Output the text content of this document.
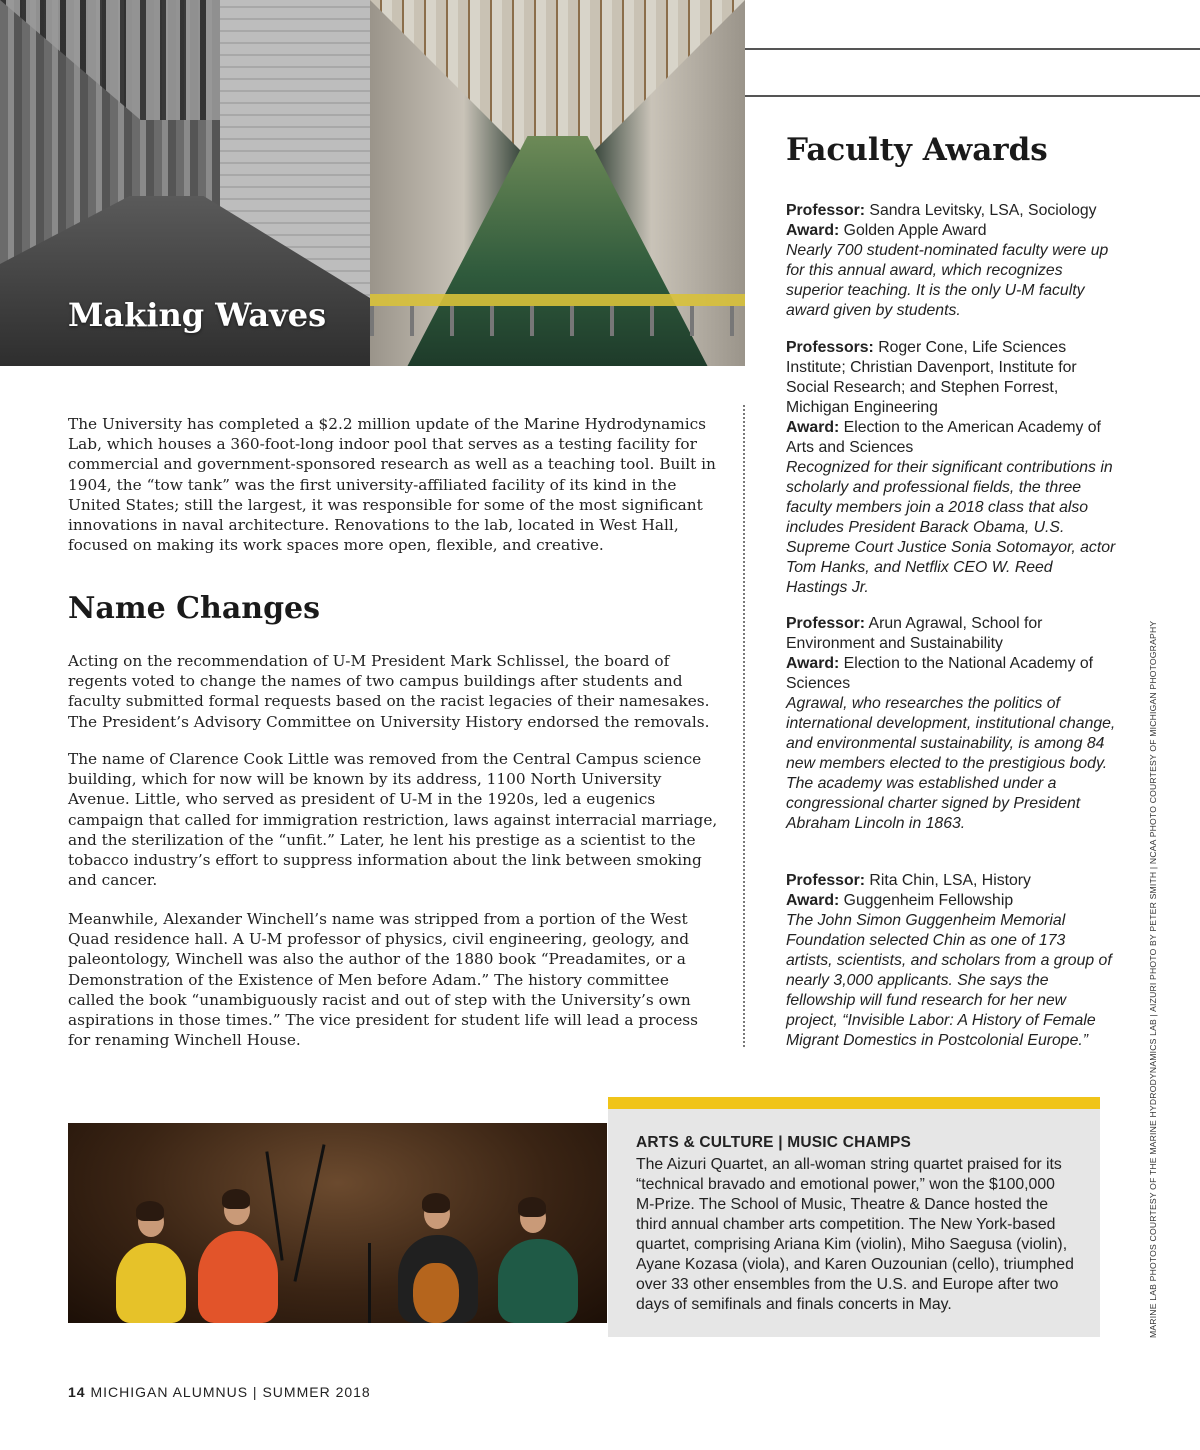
Making Waves

The University has completed a $2.2 million update of the Marine Hydrodynamics Lab, which houses a 360-foot-long indoor pool that serves as a testing facility for commercial and government-sponsored research as well as a teaching tool. Built in 1904, the “tow tank” was the first university-affiliated facility of its kind in the United States; still the largest, it was responsible for some of the most significant innovations in naval architecture. Renovations to the lab, located in West Hall, focused on making its work spaces more open, flexible, and creative.

Name Changes

Acting on the recommendation of U-M President Mark Schlissel, the board of regents voted to change the names of two campus buildings after students and faculty submitted formal requests based on the racist legacies of their namesakes. The President’s Advisory Committee on University History endorsed the removals.

The name of Clarence Cook Little was removed from the Central Campus science building, which for now will be known by its address, 1100 North University Avenue. Little, who served as president of U-M in the 1920s, led a eugenics campaign that called for immigration restriction, laws against interracial marriage, and the sterilization of the “unfit.” Later, he lent his prestige as a scientist to the tobacco industry’s effort to suppress information about the link between smoking and cancer.

Meanwhile, Alexander Winchell’s name was stripped from a portion of the West Quad residence hall. A U-M professor of physics, civil engineering, geology, and paleontology, Winchell was also the author of the 1880 book “Preadamites, or a Demonstration of the Existence of Men before Adam.” The history committee called the book “unambiguously racist and out of step with the University’s own aspirations in those times.” The vice president for student life will lead a process for renaming Winchell House.

Faculty Awards

Professor: Sandra Levitsky, LSA, Sociology

Award: Golden Apple Award

Nearly 700 student-nominated faculty were up for this annual award, which recognizes superior teaching. It is the only U-M faculty award given by students.

Professors: Roger Cone, Life Sciences Institute; Christian Davenport, Institute for Social Research; and Stephen Forrest, Michigan Engineering

Award: Election to the American Academy of Arts and Sciences

Recognized for their significant contributions in scholarly and professional fields, the three faculty members join a 2018 class that also includes President Barack Obama, U.S. Supreme Court Justice Sonia Sotomayor, actor Tom Hanks, and Netflix CEO W. Reed Hastings Jr.

Professor: Arun Agrawal, School for Environment and Sustainability

Award: Election to the National Academy of Sciences

Agrawal, who researches the politics of international development, institutional change, and environmental sustainability, is among 84 new members elected to the prestigious body. The academy was established under a congressional charter signed by President Abraham Lincoln in 1863.

Professor: Rita Chin, LSA, History

Award: Guggenheim Fellowship

The John Simon Guggenheim Memorial Foundation selected Chin as one of 173 artists, scientists, and scholars from a group of nearly 3,000 applicants. She says the fellowship will fund research for her new project, “Invisible Labor: A History of Female Migrant Domestics in Postcolonial Europe.”	MARINE LAB PHOTOS COURTESY OF THE MARINE HYDRODYNAMICS LAB | AIZURI PHOTO BY PETER SMITH | NCAA PHOTO COURTESY OF MICHIGAN PHOTOGRAPHY
ARTS & CULTURE | MUSIC CHAMPS

The Aizuri Quartet, an all-woman string quartet praised for its “technical bravado and emotional power,” won the $100,000 M-Prize. The School of Music, Theatre & Dance hosted the third annual chamber arts competition. The New York-based quartet, comprising Ariana Kim (violin), Miho Saegusa (violin), Ayane Kozasa (viola), and Karen Ouzounian (cello), triumphed over 33 other ensembles from the U.S. and Europe after two days of semifinals and finals concerts in May.

14 MICHIGAN ALUMNUS | SUMMER 2018
